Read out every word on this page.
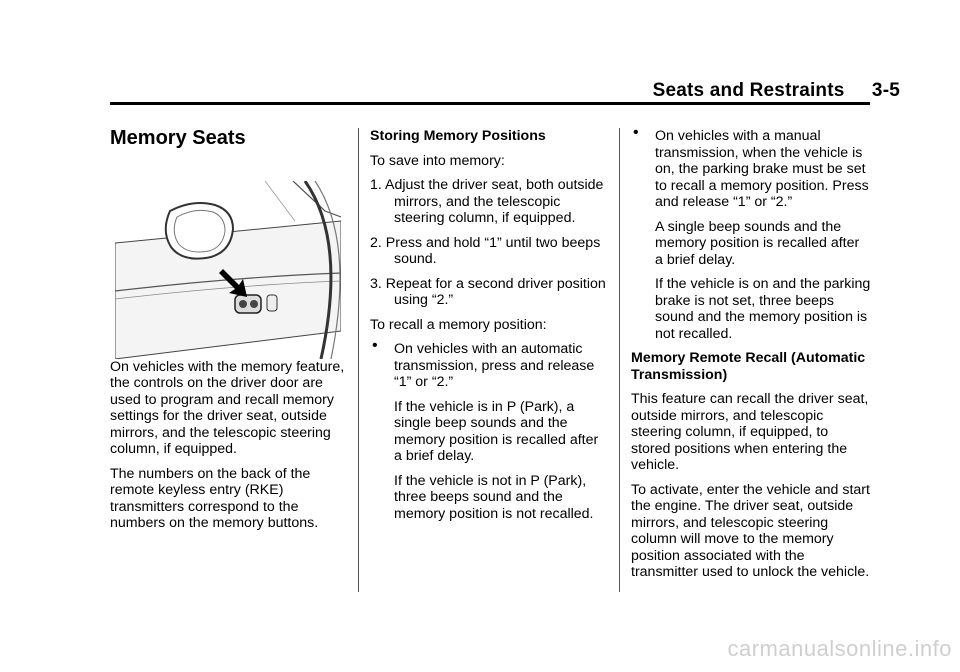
Seats and Restraints     3-5
Memory Seats

On vehicles with the memory feature, the controls on the driver door are used to program and recall memory settings for the driver seat, outside mirrors, and the telescopic steering column, if equipped.

The numbers on the back of the remote keyless entry (RKE) transmitters correspond to the numbers on the memory buttons.

Storing Memory Positions

To save into memory:

1. Adjust the driver seat, both outside mirrors, and the telescopic steering column, if equipped.

2. Press and hold “1” until two beeps sound.

3. Repeat for a second driver position using “2.”

To recall a memory position:

• On vehicles with an automatic transmission, press and release “1” or “2.”

If the vehicle is in P (Park), a single beep sounds and the memory position is recalled after a brief delay.

If the vehicle is not in P (Park), three beeps sound and the memory position is not recalled.

• On vehicles with a manual transmission, when the vehicle is on, the parking brake must be set to recall a memory position. Press and release “1” or “2.”

A single beep sounds and the memory position is recalled after a brief delay.

If the vehicle is on and the parking brake is not set, three beeps sound and the memory position is not recalled.

Memory Remote Recall (Automatic Transmission)

This feature can recall the driver seat, outside mirrors, and telescopic steering column, if equipped, to stored positions when entering the vehicle.

To activate, enter the vehicle and start the engine. The driver seat, outside mirrors, and telescopic steering column will move to the memory position associated with the transmitter used to unlock the vehicle.

carmanualsonline.info
